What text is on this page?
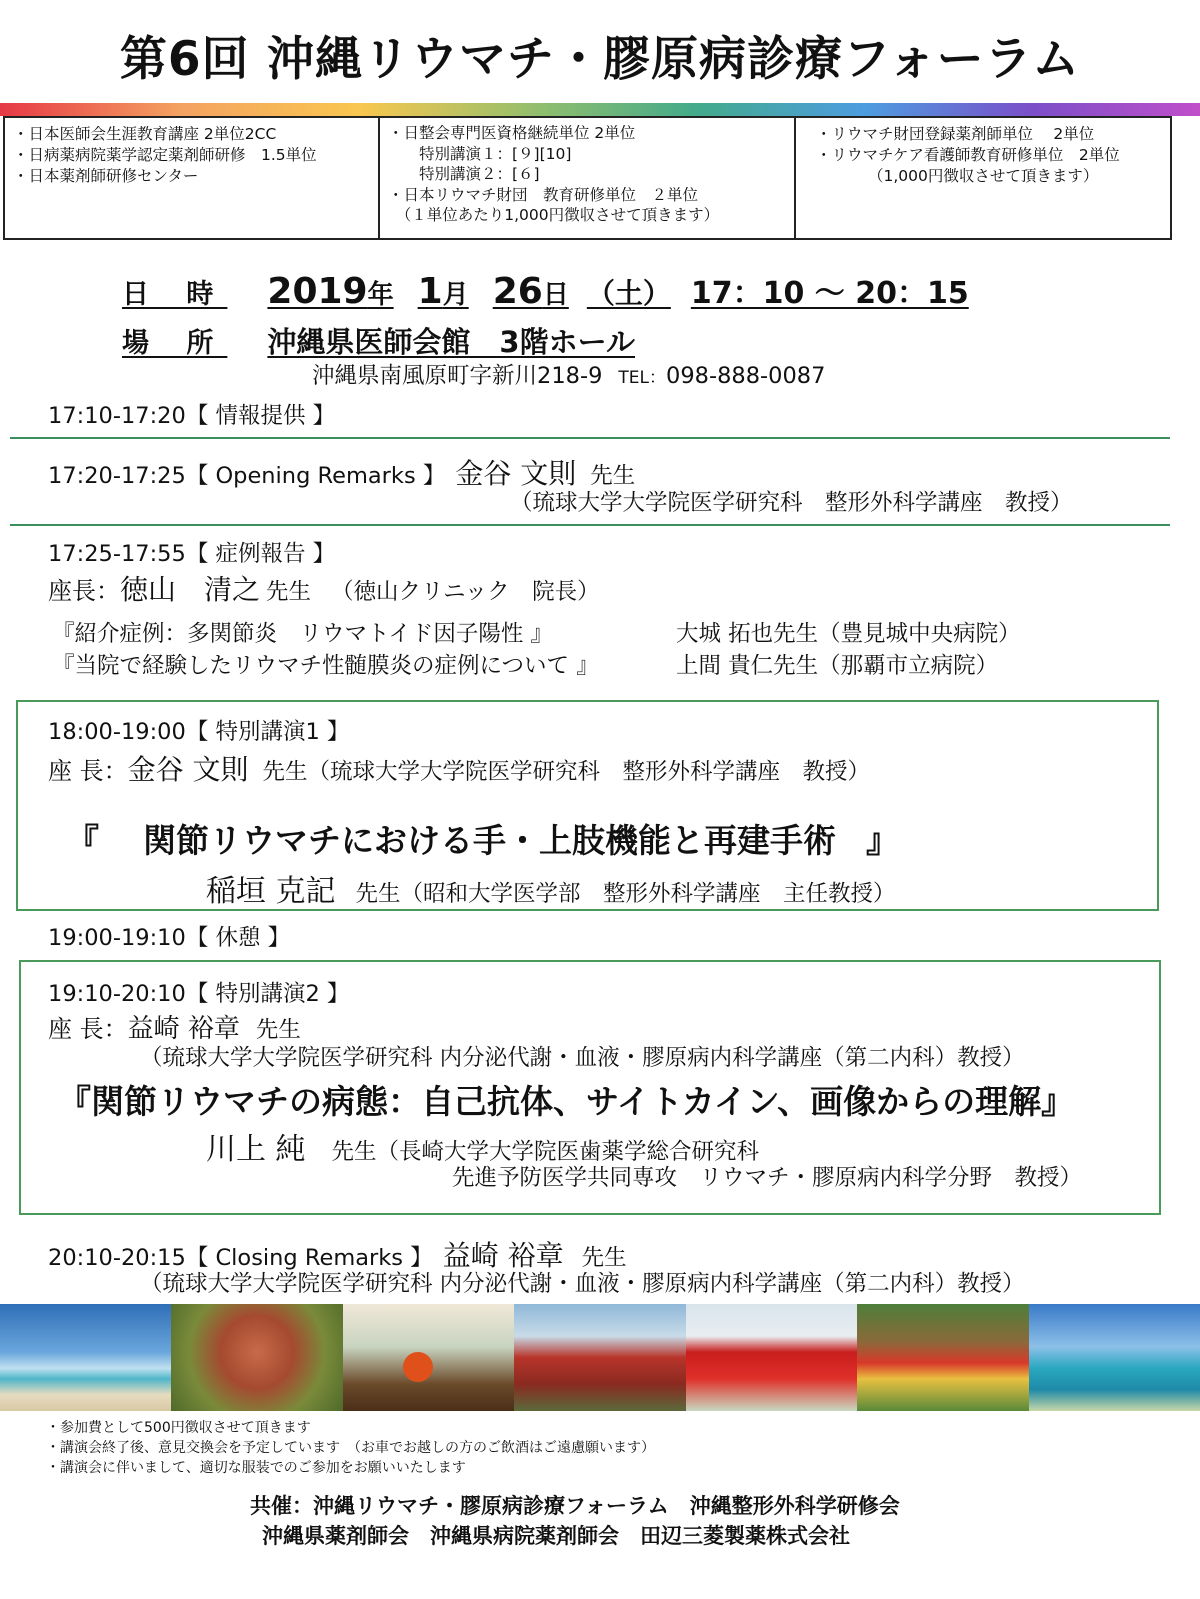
第6回 沖縄リウマチ・膠原病診療フォーラム
・日本医師会生涯教育講座 2単位2CC
・日病薬病院薬学認定薬剤師研修　1.5単位
・日本薬剤師研修センター
・日整会専門医資格継続単位 2単位
　　特別講演１：[９][10]
　　特別講演２：[６]
・日本リウマチ財団　教育研修単位　２単位
　（１単位あたり1,000円徴収させて頂きます）
・リウマチ財団登録薬剤師単位　 2単位
・リウマチケア看護師教育研修単位　2単位
（1,000円徴収させて頂きます）
日 時 2019年 1月 26日 （土） 17：10 ～ 20：15
場 所 沖縄県医師会館　3階ホール
沖縄県南風原町字新川218-9 TEL：098-888-0087
17:10-17:20【 情報提供 】
17:20-17:25【 Opening Remarks 】 金谷 文則 先生
（琉球大学大学院医学研究科　整形外科学講座　教授）
17:25-17:55【 症例報告 】
座長：徳山　清之 先生 （徳山クリニック　院長）
『紹介症例：多関節炎　リウマトイド因子陽性 』	大城 拓也先生（豊見城中央病院）
『当院で経験したリウマチ性髄膜炎の症例について 』	上間 貴仁先生（那覇市立病院）
18:00-19:00【 特別講演1 】
座 長：金谷 文則 先生（琉球大学大学院医学研究科　整形外科学講座　教授）
『 関節リウマチにおける手・上肢機能と再建手術 』
稲垣 克記 先生（昭和大学医学部　整形外科学講座　主任教授）
19:00-19:10【 休憩 】
19:10-20:10【 特別講演2 】
座 長：益崎 裕章 先生
（琉球大学大学院医学研究科 内分泌代謝・血液・膠原病内科学講座（第二内科）教授）
『関節リウマチの病態：自己抗体、サイトカイン、画像からの理解』
川上 純 先生（長崎大学大学院医歯薬学総合研究科
先進予防医学共同専攻　リウマチ・膠原病内科学分野　教授）
20:10-20:15【 Closing Remarks 】 益崎 裕章 先生
（琉球大学大学院医学研究科 内分泌代謝・血液・膠原病内科学講座（第二内科）教授）
・参加費として500円徴収させて頂きます
・講演会終了後、意見交換会を予定しています　（お車でお越しの方のご飲酒はご遠慮願います）
・講演会に伴いまして、適切な服装でのご参加をお願いいたします
共催：沖縄リウマチ・膠原病診療フォーラム　沖縄整形外科学研修会
沖縄県薬剤師会　沖縄県病院薬剤師会　田辺三菱製薬株式会社
